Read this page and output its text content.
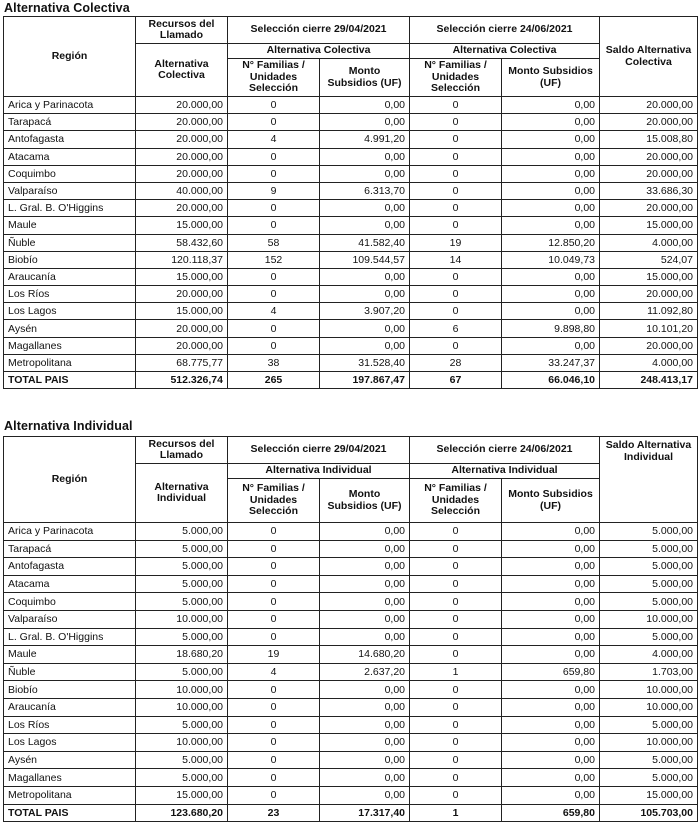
Alternativa Colectiva
Región	Recursos del Llamado	Selección cierre 29/04/2021		Selección cierre 24/06/2021		Saldo Alternativa Colectiva
	Alternativa Colectiva	Alternativa Colectiva		Alternativa Colectiva		
		N° Familias / Unidades Selección	Monto Subsidios (UF)	N° Familias / Unidades Selección	Monto Subsidios (UF)	
Arica y Parinacota	20.000,00	0	0,00	0	0,00	20.000,00
Tarapacá	20.000,00	0	0,00	0	0,00	20.000,00
Antofagasta	20.000,00	4	4.991,20	0	0,00	15.008,80
Atacama	20.000,00	0	0,00	0	0,00	20.000,00
Coquimbo	20.000,00	0	0,00	0	0,00	20.000,00
Valparaíso	40.000,00	9	6.313,70	0	0,00	33.686,30
L. Gral. B. O'Higgins	20.000,00	0	0,00	0	0,00	20.000,00
Maule	15.000,00	0	0,00	0	0,00	15.000,00
Ñuble	58.432,60	58	41.582,40	19	12.850,20	4.000,00
Biobío	120.118,37	152	109.544,57	14	10.049,73	524,07
Araucanía	15.000,00	0	0,00	0	0,00	15.000,00
Los Ríos	20.000,00	0	0,00	0	0,00	20.000,00
Los Lagos	15.000,00	4	3.907,20	0	0,00	11.092,80
Aysén	20.000,00	0	0,00	6	9.898,80	10.101,20
Magallanes	20.000,00	0	0,00	0	0,00	20.000,00
Metropolitana	68.775,77	38	31.528,40	28	33.247,37	4.000,00
TOTAL PAIS	512.326,74	265	197.867,47	67	66.046,10	248.413,17
Alternativa Individual
Región	Recursos del Llamado	Selección cierre 29/04/2021		Selección cierre 24/06/2021		Saldo Alternativa Individual
	Alternativa Individual	Alternativa Individual		Alternativa Individual		
		N° Familias / Unidades Selección	Monto Subsidios (UF)	N° Familias / Unidades Selección	Monto Subsidios (UF)	
Arica y Parinacota	5.000,00	0	0,00	0	0,00	5.000,00
Tarapacá	5.000,00	0	0,00	0	0,00	5.000,00
Antofagasta	5.000,00	0	0,00	0	0,00	5.000,00
Atacama	5.000,00	0	0,00	0	0,00	5.000,00
Coquimbo	5.000,00	0	0,00	0	0,00	5.000,00
Valparaíso	10.000,00	0	0,00	0	0,00	10.000,00
L. Gral. B. O'Higgins	5.000,00	0	0,00	0	0,00	5.000,00
Maule	18.680,20	19	14.680,20	0	0,00	4.000,00
Ñuble	5.000,00	4	2.637,20	1	659,80	1.703,00
Biobío	10.000,00	0	0,00	0	0,00	10.000,00
Araucanía	10.000,00	0	0,00	0	0,00	10.000,00
Los Ríos	5.000,00	0	0,00	0	0,00	5.000,00
Los Lagos	10.000,00	0	0,00	0	0,00	10.000,00
Aysén	5.000,00	0	0,00	0	0,00	5.000,00
Magallanes	5.000,00	0	0,00	0	0,00	5.000,00
Metropolitana	15.000,00	0	0,00	0	0,00	15.000,00
TOTAL PAIS	123.680,20	23	17.317,40	1	659,80	105.703,00
